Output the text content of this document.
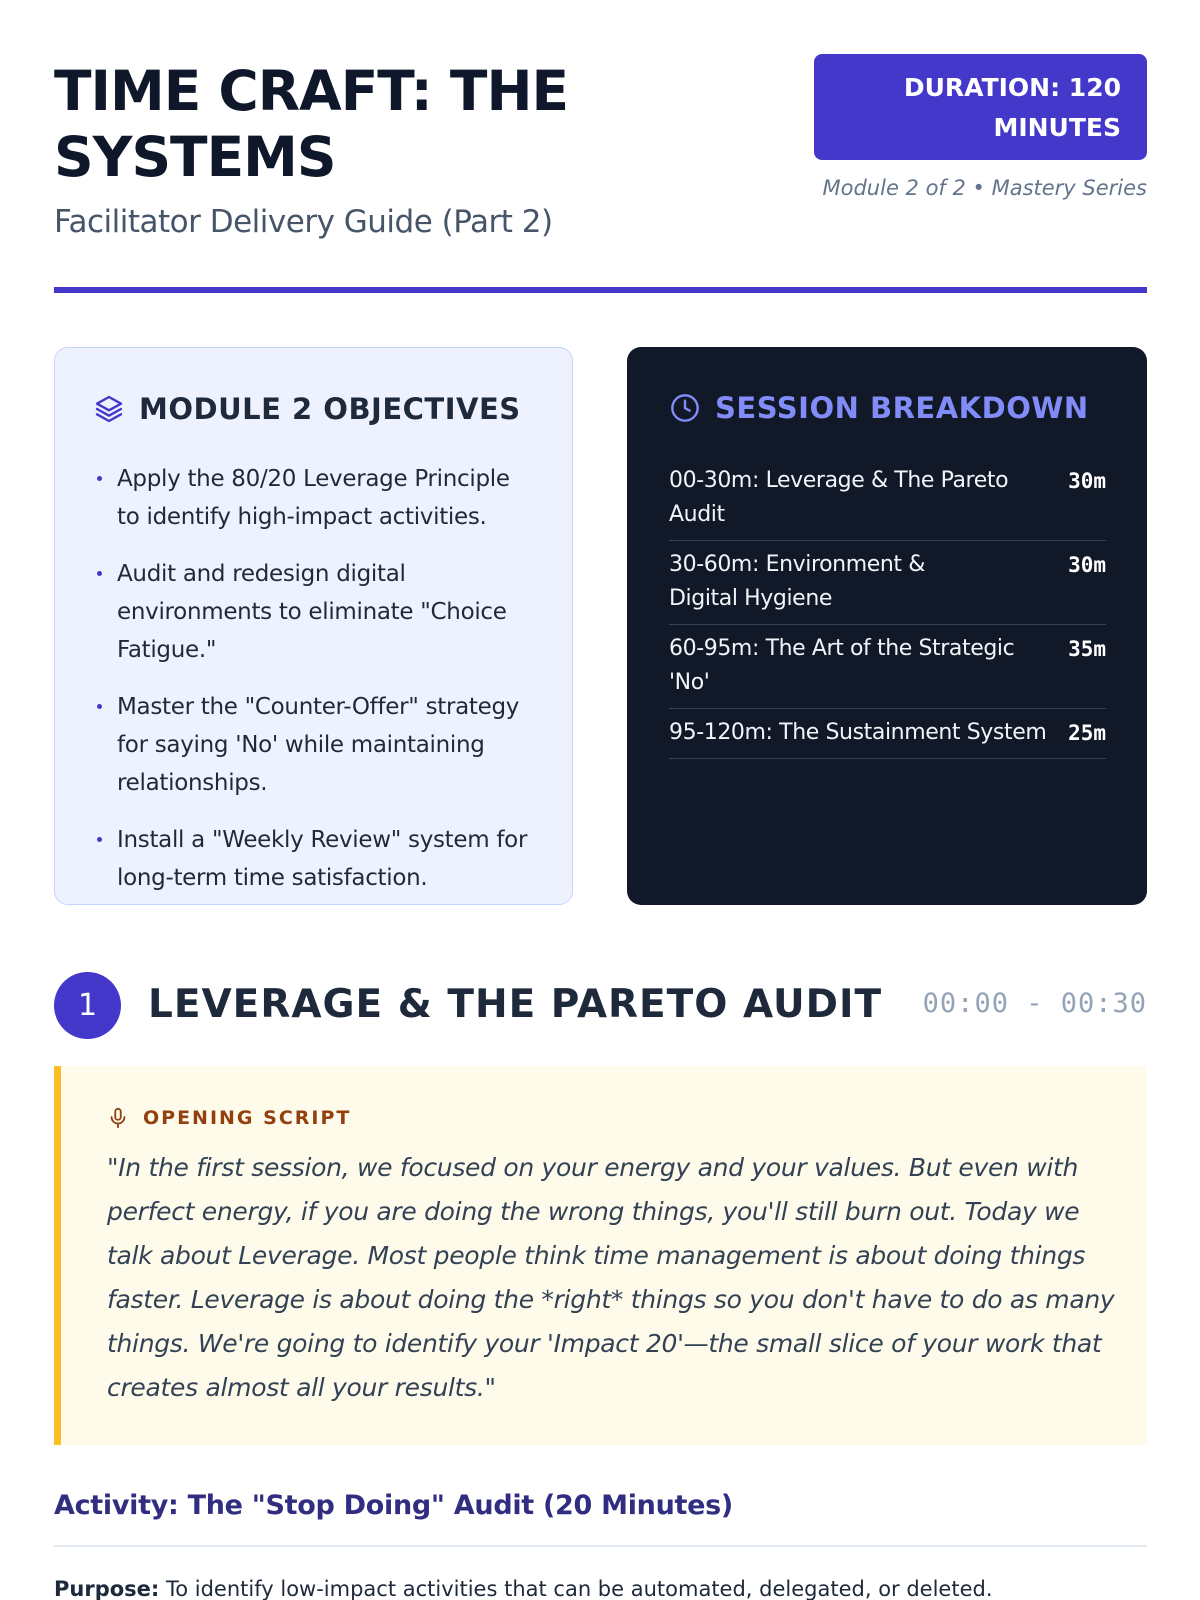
TIME CRAFT: THE SYSTEMS
Facilitator Delivery Guide (Part 2)
DURATION: 120 MINUTES
Module 2 of 2 • Mastery Series
MODULE 2 OBJECTIVES
Apply the 80/20 Leverage Principle to identify high-impact activities.
Audit and redesign digital environments to eliminate "Choice Fatigue."
Master the "Counter-Offer" strategy for saying 'No' while maintaining relationships.
Install a "Weekly Review" system for long-term time satisfaction.
SESSION BREAKDOWN
00-30m: Leverage & The Pareto Audit
30m
30-60m: Environment & Digital Hygiene
30m
60-95m: The Art of the Strategic 'No'
35m
95-120m: The Sustainment System 25m
1	LEVERAGE & THE PARETO AUDIT 00:00 - 00:30
OPENING SCRIPT

"In the first session, we focused on your energy and your values. But even with perfect energy, if you are doing the wrong things, you'll still burn out. Today we talk about Leverage. Most people think time management is about doing things faster. Leverage is about doing the *right* things so you don't have to do as many things. We're going to identify your 'Impact 20'—the small slice of your work that creates almost all your results."

Activity: The "Stop Doing" Audit (20 Minutes)

Purpose: To identify low-impact activities that can be automated, delegated, or deleted.
